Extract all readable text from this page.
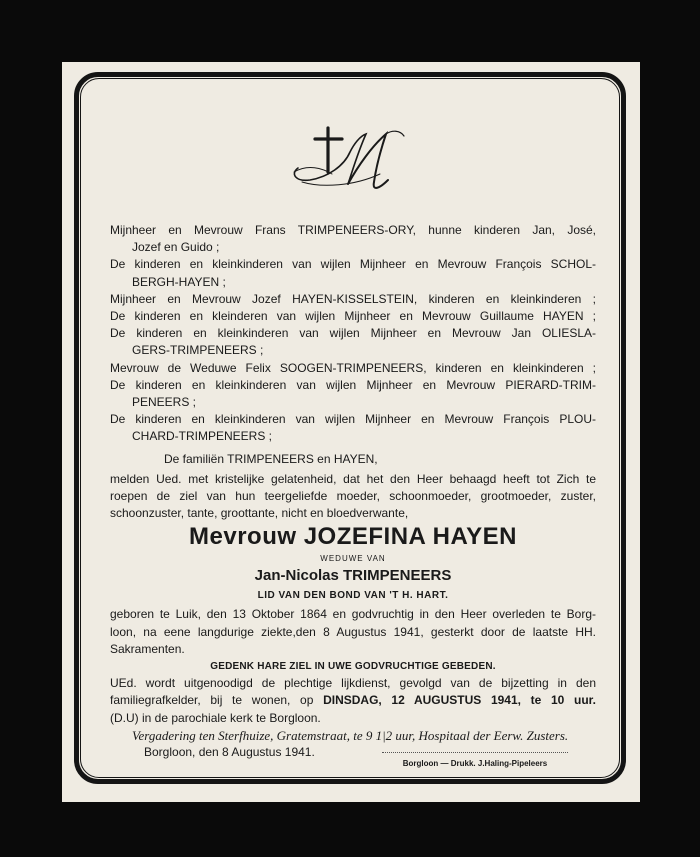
Mijnheer en Mevrouw Frans TRIMPENEERS-ORY, hunne kinderen Jan, José,

Jozef en Guido ;

De kinderen en kleinkinderen van wijlen Mijnheer en Mevrouw François SCHOL-

BERGH-HAYEN ;

Mijnheer en Mevrouw Jozef HAYEN-KISSELSTEIN, kinderen en kleinkinderen ;

De kinderen en kleinderen van wijlen Mijnheer en Mevrouw Guillaume HAYEN ;

De kinderen en kleinkinderen van wijlen Mijnheer en Mevrouw Jan OLIESLA-

GERS-TRIMPENEERS ;

Mevrouw de Weduwe Felix SOOGEN-TRIMPENEERS, kinderen en kleinkinderen ;

De kinderen en kleinkinderen van wijlen Mijnheer en Mevrouw PIERARD-TRIM-

PENEERS ;

De kinderen en kleinkinderen van wijlen Mijnheer en Mevrouw François PLOU-

CHARD-TRIMPENEERS ;

De familiën TRIMPENEERS en HAYEN,

melden Ued. met kristelijke gelatenheid, dat het den Heer behaagd heeft tot Zich te

roepen de ziel van hun teergeliefde moeder, schoonmoeder, grootmoeder, zuster,

schoonzuster, tante, groottante, nicht en bloedverwante,

Mevrouw JOZEFINA HAYEN

WEDUWE VAN

Jan-Nicolas TRIMPENEERS

LID VAN DEN BOND VAN 'T H. HART.

geboren te Luik, den 13 Oktober 1864 en godvruchtig in den Heer overleden te Borg-

loon, na eene langdurige ziekte,den 8 Augustus 1941, gesterkt door de laatste HH.

Sakramenten.

GEDENK HARE ZIEL IN UWE GODVRUCHTIGE GEBEDEN.

UEd. wordt uitgenoodigd de plechtige lijkdienst, gevolgd van de bijzetting in den

familiegrafkelder, bij te wonen, op DINSDAG, 12 AUGUSTUS 1941, te 10 uur.

(D.U) in de parochiale kerk te Borgloon.

Vergadering ten Sterfhuize, Gratemstraat, te 9 1|2 uur, Hospitaal der Eerw. Zusters.

Borgloon, den 8 Augustus 1941.

Borgloon — Drukk. J.Haling-Pipeleers
